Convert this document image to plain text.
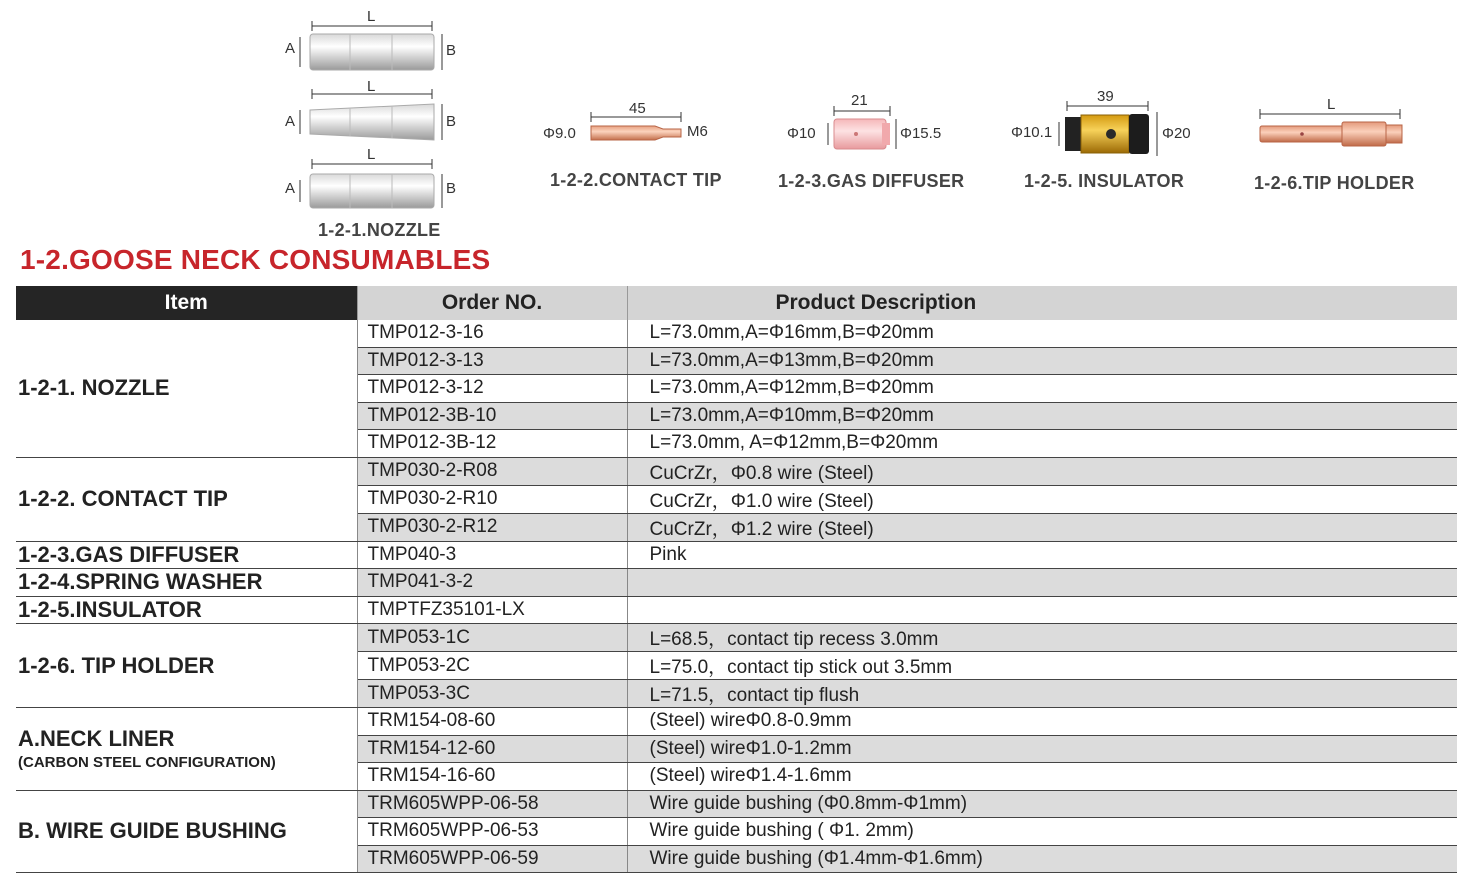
L
A	B
L
A	B
L
A	B
1-2-1.NOZZLE
45
Φ9.0	M6
1-2-2.CONTACT TIP
21
Φ10	Φ15.5
1-2-3.GAS DIFFUSER
39
Φ10.1	Φ20
1-2-5. INSULATOR
L
1-2-6.TIP HOLDER
1-2.GOOSE NECK CONSUMABLES
Item	Order NO.	Product Description
1-2-1. NOZZLE	TMP012-3-16	L=73.0mm,A=Φ16mm,B=Φ20mm
	TMP012-3-13	L=73.0mm,A=Φ13mm,B=Φ20mm
	TMP012-3-12	L=73.0mm,A=Φ12mm,B=Φ20mm
	TMP012-3B-10	L=73.0mm,A=Φ10mm,B=Φ20mm
	TMP012-3B-12	L=73.0mm, A=Φ12mm,B=Φ20mm
1-2-2. CONTACT TIP	TMP030-2-R08	CuCrZr，Φ0.8 wire (Steel)
	TMP030-2-R10	CuCrZr，Φ1.0 wire (Steel)
	TMP030-2-R12	CuCrZr，Φ1.2 wire (Steel)
1-2-3.GAS DIFFUSER	TMP040-3	Pink
1-2-4.SPRING WASHER	TMP041-3-2	
1-2-5.INSULATOR	TMPTFZ35101-LX	
1-2-6. TIP HOLDER	TMP053-1C	L=68.5，contact tip recess 3.0mm
	TMP053-2C	L=75.0，contact tip stick out 3.5mm
	TMP053-3C	L=71.5，contact tip flush
A.NECK LINER
(CARBON STEEL CONFIGURATION)	TRM154-08-60	(Steel) wireΦ0.8-0.9mm
	TRM154-12-60	(Steel) wireΦ1.0-1.2mm
	TRM154-16-60	(Steel) wireΦ1.4-1.6mm
B. WIRE GUIDE BUSHING	TRM605WPP-06-58	Wire guide bushing (Φ0.8mm-Φ1mm)
	TRM605WPP-06-53	Wire guide bushing ( Φ1. 2mm)
	TRM605WPP-06-59	Wire guide bushing (Φ1.4mm-Φ1.6mm)
